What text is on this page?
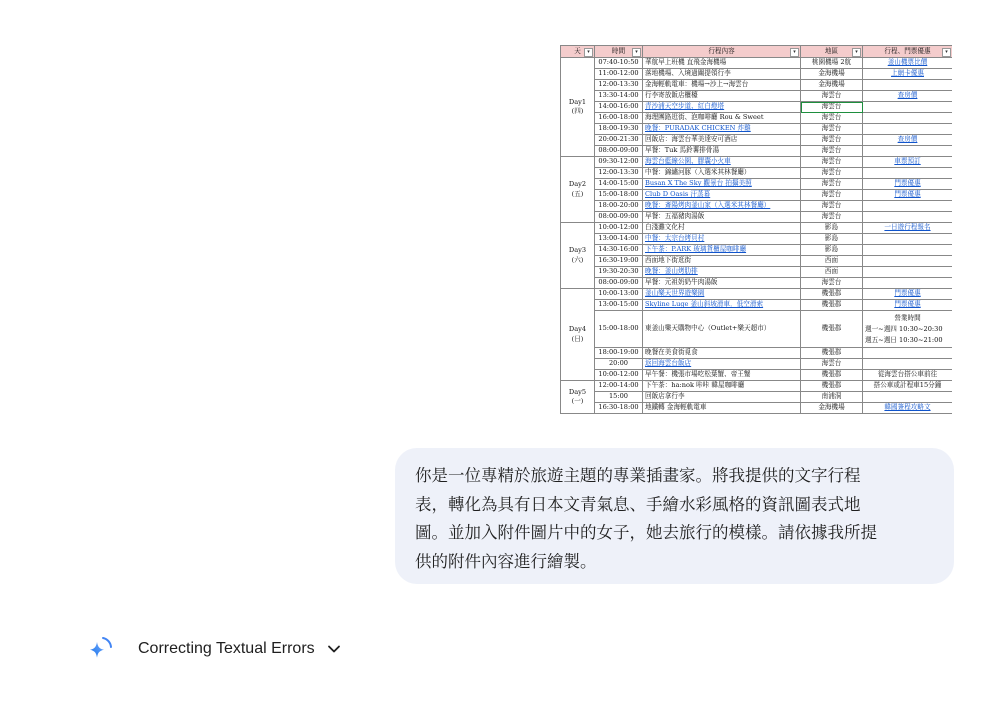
天 ▾	時間 ▾	行程內容 ▾	地區 ▾	行程、門票優惠 ▾

Day1
(四)	07:40-10:50	華航早上班機 直飛金海機場	桃園機場 2航	釜山機票比價
	11:00-12:00	落地機場、入境過關提領行李	金海機場	上網卡優惠
	12:00-13:30	金海輕軌電車：機場→沙上→海雲台	金海機場	
	13:30-14:00	行李寄放飯店櫃檯	海雲台	查房價
	14:00-16:00	青沙浦天空步道、紅白燈塔	海雲台	
	16:00-18:00	海理團路逛街、泡咖啡廳 Rou & Sweet	海雲台	
	18:00-19:30	晚餐：PURADAK CHICKEN 炸雞	海雲台	
	20:00-21:30	回飯店：海雲台華美達安可酒店	海雲台	查房價
	08:00-09:00	早餐：Tuk 馬鈴薯排骨湯	海雲台	

Day2
(五)	09:30-12:00	海雲台藍線公園、膠囊小火車	海雲台	車票預訂
	12:00-13:30	中餐：錦繡河豚（入選米其林餐廳）	海雲台	
	14:00-15:00	Busan X The Sky 觀景台 拍攝美照	海雲台	門票優惠
	15:00-18:00	Club D Oasis 汗蒸幕	海雲台	門票優惠
	18:00-20:00	晚餐：斎陽烤肉釜山家（入選米其林餐廳）	海雲台	
	08:00-09:00	早餐：五福豬肉湯飯	海雲台	

Day3
(六)	10:00-12:00	白淺灘文化村	影島	一日遊行程報名
	13:00-14:00	中餐：太宗台烤貝村	影島	
	14:30-16:00	下午茶：P.ARK 玻璃貨櫃屋咖啡廳	影島	
	16:30-19:00	西面地下街逛街	西面	
	19:30-20:30	晚餐：釜山烤肋排	西面	
	08:00-09:00	早餐：元祖奶奶牛肉湯飯	海雲台	

Day4
(日)	10:00-13:00	釜山樂天世界遊樂園	機張郡	門票優惠
	13:00-15:00	Skyline Luge 釜山斜坡滑車．低空滑索	機張郡	門票優惠
	15:00-18:00	東釜山樂天購物中心（Outlet+樂天超市）	機張郡	營業時間
週一~週四 10:30~20:30
週五~週日 10:30~21:00

	18:00-19:00	晚餐在美食街覓食	機張郡	
	20:00	返回海雲台飯店	海雲台	
	10:00-12:00	早午餐：機張市場吃松葉蟹、帝王蟹	機張郡	從海雲台搭公車前往

Day5
(一)	12:00-14:00	下午茶：ha:nok 咔咔 韓屋咖啡廳	機張郡	搭公車或計程車15分鐘
	15:00	回飯店拿行李	南浦洞	
	16:30-18:00	地鐵轉 金海輕軌電車	金海機場	韓國簽程攻略文

你是一位專精於旅遊主題的專業插畫家。將我提供的文字行程
表，轉化為具有日本文青氣息、手繪水彩風格的資訊圖表式地
圖。並加入附件圖片中的女子，她去旅行的模樣。請依據我所提
供的附件內容進行繪製。

Correcting Textual Errors
